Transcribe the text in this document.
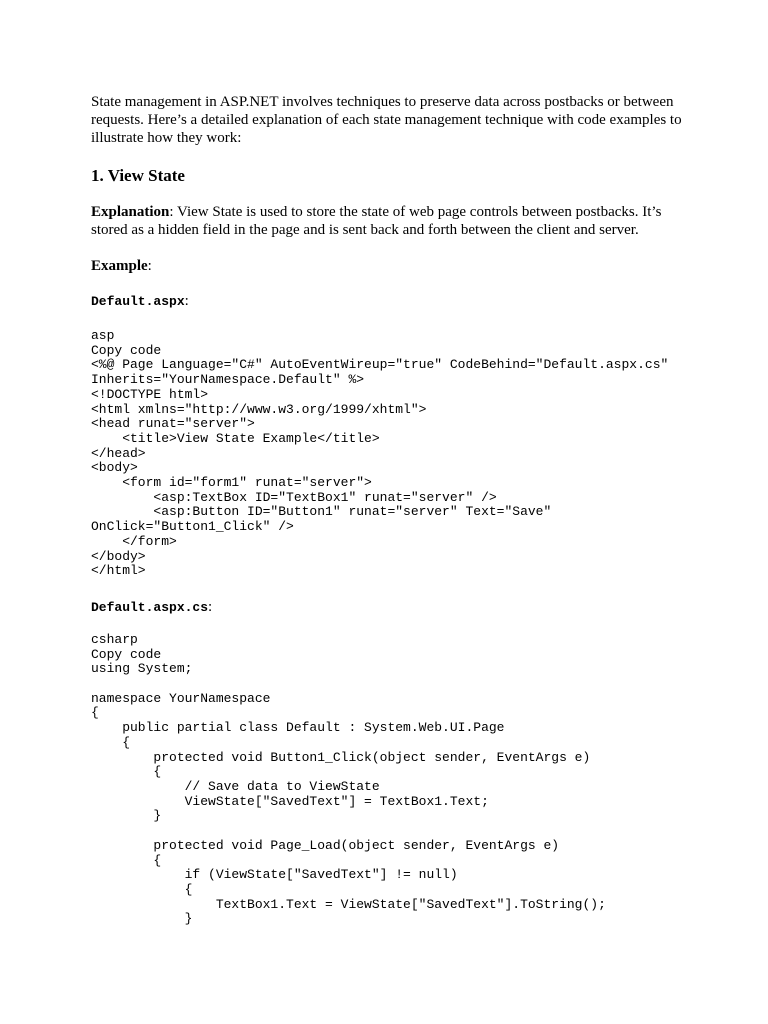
State management in ASP.NET involves techniques to preserve data across postbacks or between requests. Here’s a detailed explanation of each state management technique with code examples to illustrate how they work:

1. View State

Explanation: View State is used to store the state of web page controls between postbacks. It’s stored as a hidden field in the page and is sent back and forth between the client and server.

Example:

Default.aspx:

asp
Copy code
<%@ Page Language="C#" AutoEventWireup="true" CodeBehind="Default.aspx.cs"
Inherits="YourNamespace.Default" %>
<!DOCTYPE html>
<html xmlns="http://www.w3.org/1999/xhtml">
<head runat="server">
<title>View State Example</title>
</head>
<body>
<form id="form1" runat="server">
<asp:TextBox ID="TextBox1" runat="server" />
<asp:Button ID="Button1" runat="server" Text="Save"
OnClick="Button1_Click" />
</form>
</body>
</html>

Default.aspx.cs:

csharp
Copy code
using System;

namespace YourNamespace
{
public partial class Default : System.Web.UI.Page
{
protected void Button1_Click(object sender, EventArgs e)
{
// Save data to ViewState
ViewState["SavedText"] = TextBox1.Text;
}

protected void Page_Load(object sender, EventArgs e)
{
if (ViewState["SavedText"] != null)
{
TextBox1.Text = ViewState["SavedText"].ToString();
}
